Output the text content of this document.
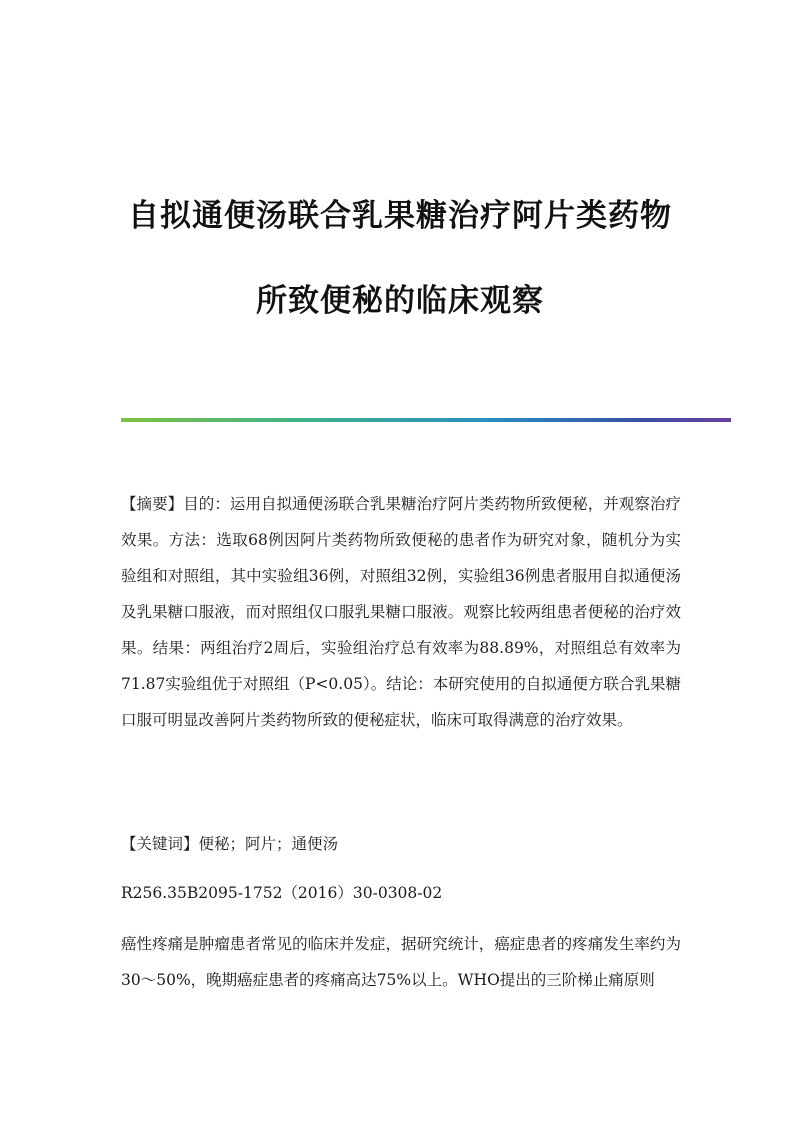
自拟通便汤联合乳果糖治疗阿片类药物
所致便秘的临床观察

【摘要】目的：运用自拟通便汤联合乳果糖治疗阿片类药物所致便秘，并观察治疗效果。方法：选取68例因阿片类药物所致便秘的患者作为研究对象，随机分为实验组和对照组，其中实验组36例，对照组32例，实验组36例患者服用自拟通便汤及乳果糖口服液，而对照组仅口服乳果糖口服液。观察比较两组患者便秘的治疗效果。结果：两组治疗2周后，实验组治疗总有效率为88.89%，对照组总有效率为71.87实验组优于对照组（P<0.05）。结论：本研究使用的自拟通便方联合乳果糖口服可明显改善阿片类药物所致的便秘症状，临床可取得满意的治疗效果。

【关键词】便秘；阿片；通便汤

R256.35B2095-1752（2016）30-0308-02

癌性疼痛是肿瘤患者常见的临床并发症，据研究统计，癌症患者的疼痛发生率约为30～50%，晚期癌症患者的疼痛高达75%以上。WHO提出的三阶梯止痛原则
